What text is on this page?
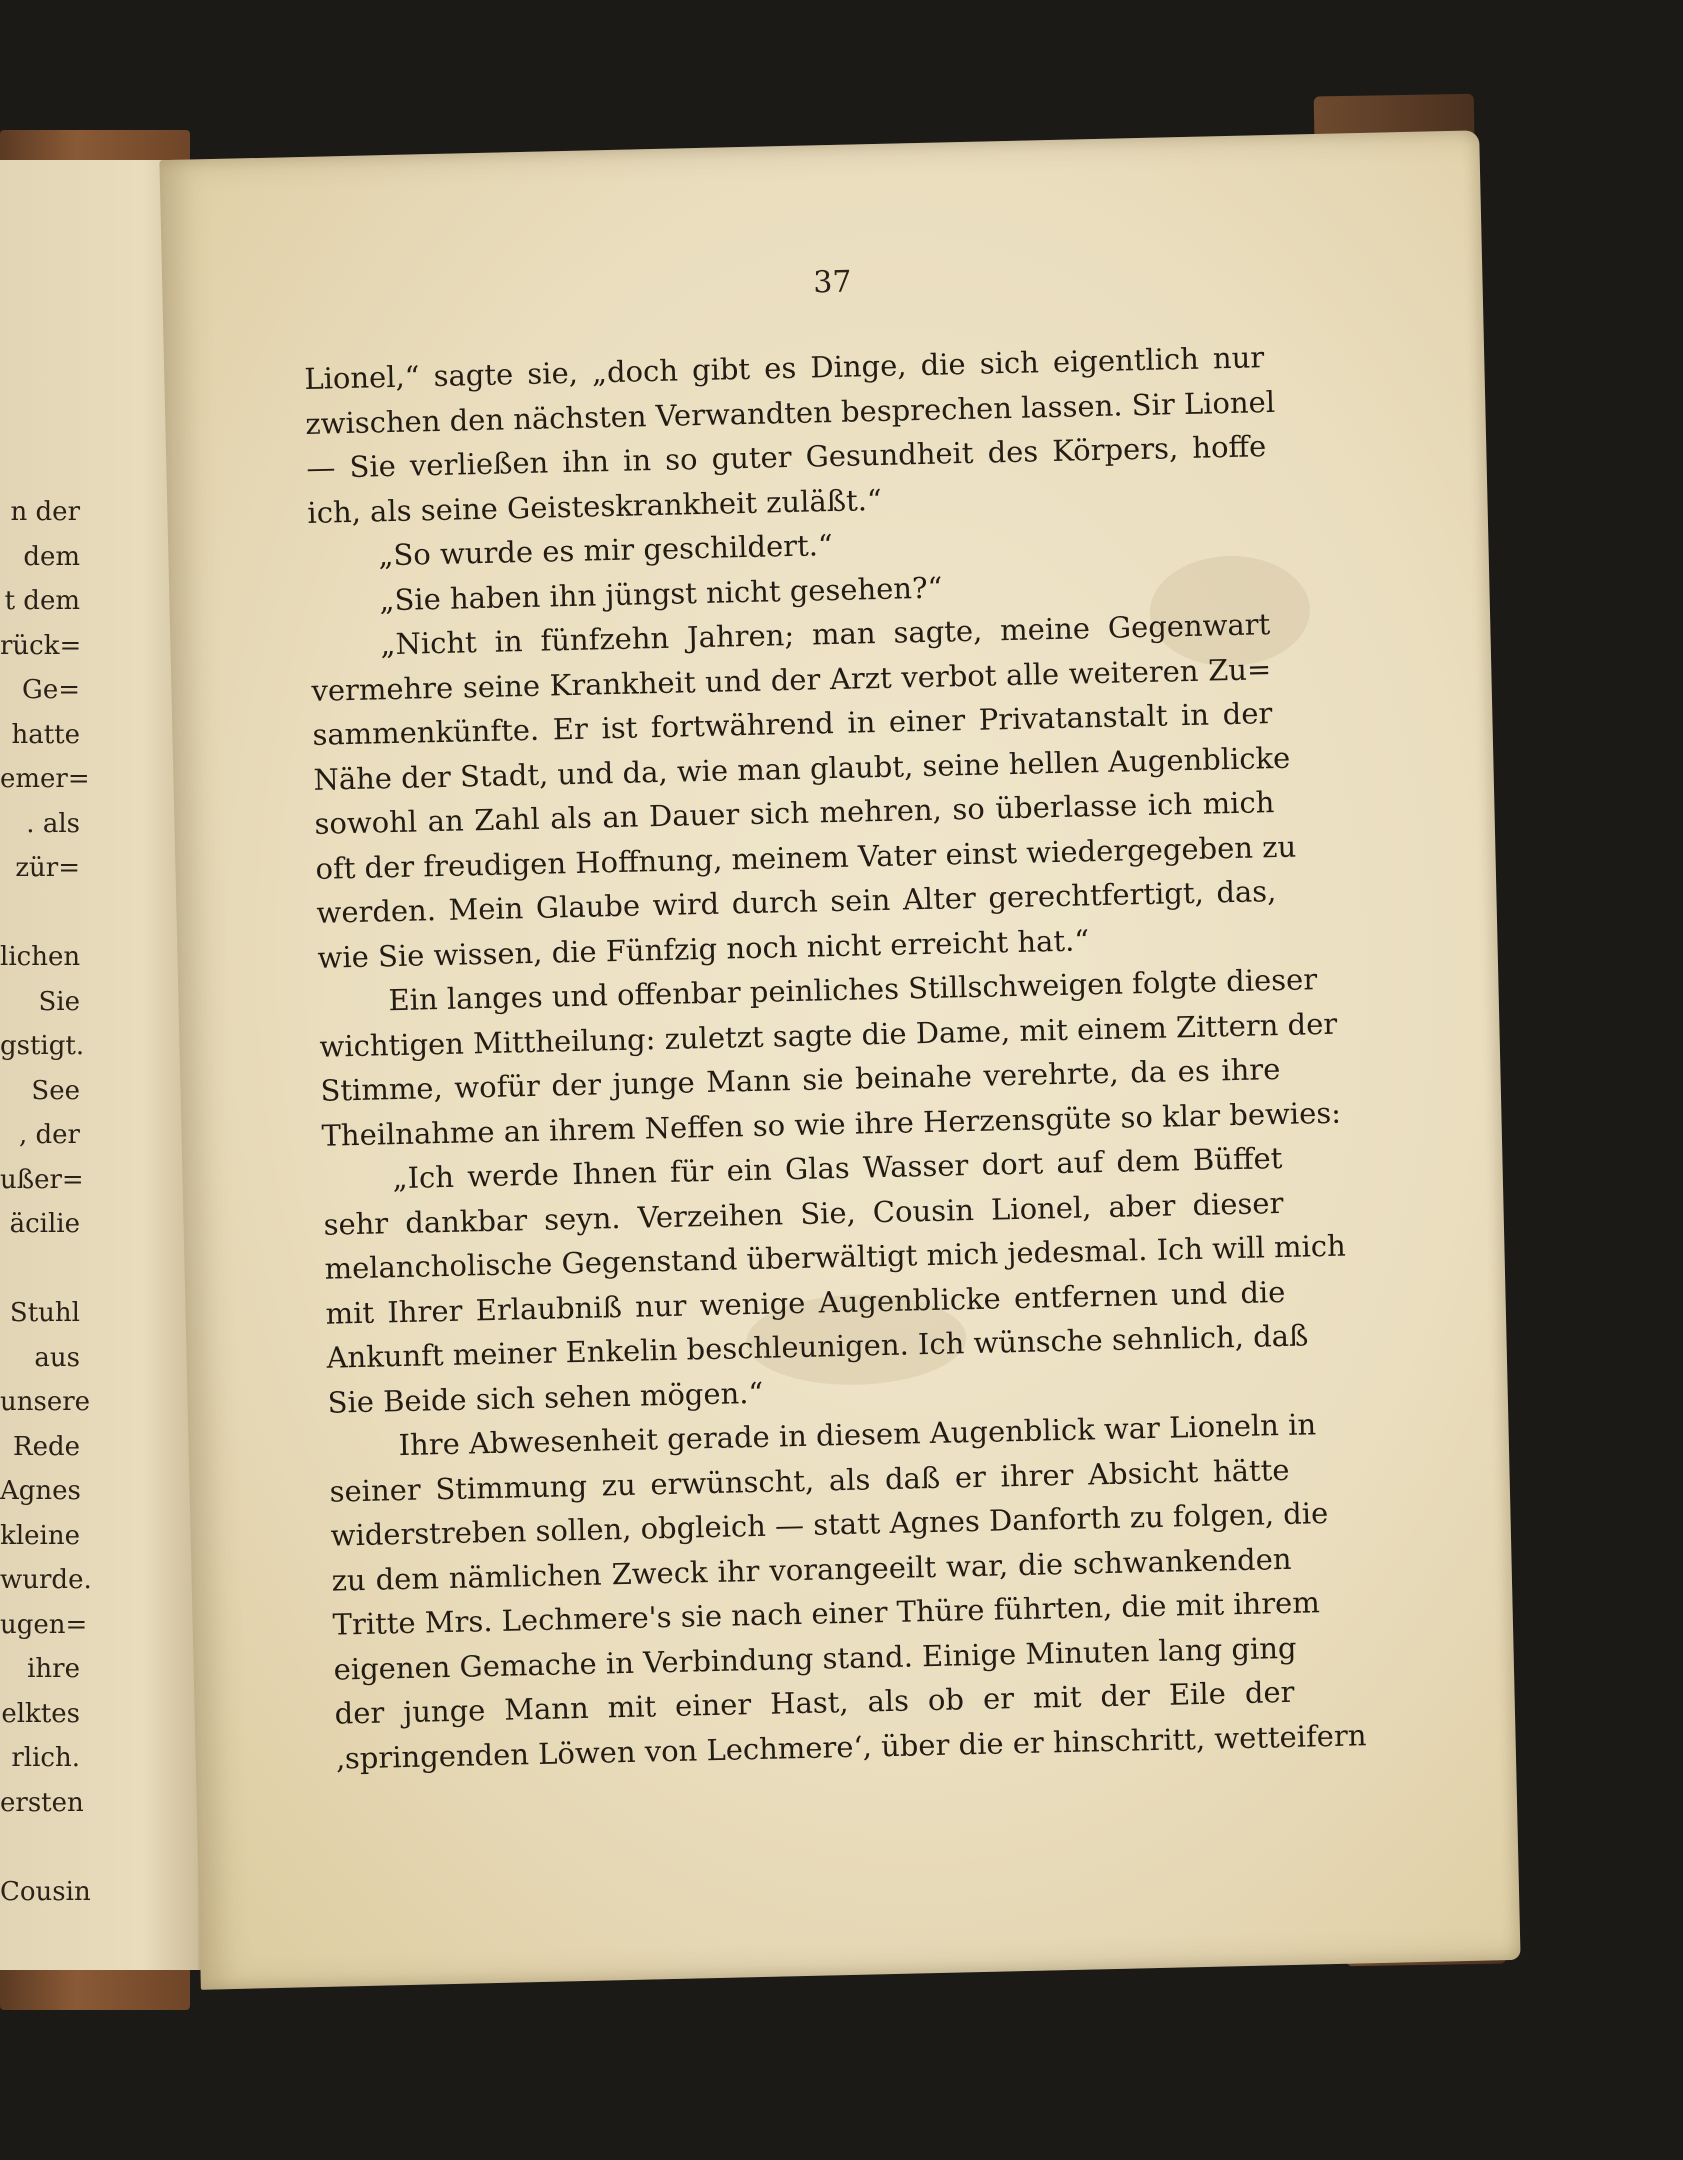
n der
dem
t dem
rück=
Ge=
hatte
emer=
. als
zür=
lichen
Sie
gstigt.
See
, der
ußer=
äcilie
Stuhl
aus
unsere
Rede
Agnes
kleine
wurde.
ugen=
ihre
elktes
rlich.
ersten
Cousin
37
Lionel,“ sagte sie, „doch gibt es Dinge, die sich eigentlich nur
zwischen den nächsten Verwandten besprechen lassen. Sir Lionel
— Sie verließen ihn in so guter Gesundheit des Körpers, hoffe
ich, als seine Geisteskrankheit zuläßt.“
„So wurde es mir geschildert.“
„Sie haben ihn jüngst nicht gesehen?“
„Nicht in fünfzehn Jahren; man sagte, meine Gegenwart
vermehre seine Krankheit und der Arzt verbot alle weiteren Zu=
sammenkünfte. Er ist fortwährend in einer Privatanstalt in der
Nähe der Stadt, und da, wie man glaubt, seine hellen Augenblicke
sowohl an Zahl als an Dauer sich mehren, so überlasse ich mich
oft der freudigen Hoffnung, meinem Vater einst wiedergegeben zu
werden. Mein Glaube wird durch sein Alter gerechtfertigt, das,
wie Sie wissen, die Fünfzig noch nicht erreicht hat.“
Ein langes und offenbar peinliches Stillschweigen folgte dieser
wichtigen Mittheilung: zuletzt sagte die Dame, mit einem Zittern der
Stimme, wofür der junge Mann sie beinahe verehrte, da es ihre
Theilnahme an ihrem Neffen so wie ihre Herzensgüte so klar bewies:
„Ich werde Ihnen für ein Glas Wasser dort auf dem Büffet
sehr dankbar seyn. Verzeihen Sie, Cousin Lionel, aber dieser
melancholische Gegenstand überwältigt mich jedesmal. Ich will mich
mit Ihrer Erlaubniß nur wenige Augenblicke entfernen und die
Ankunft meiner Enkelin beschleunigen. Ich wünsche sehnlich, daß
Sie Beide sich sehen mögen.“
Ihre Abwesenheit gerade in diesem Augenblick war Lioneln in
seiner Stimmung zu erwünscht, als daß er ihrer Absicht hätte
widerstreben sollen, obgleich — statt Agnes Danforth zu folgen, die
zu dem nämlichen Zweck ihr vorangeeilt war, die schwankenden
Tritte Mrs. Lechmere's sie nach einer Thüre führten, die mit ihrem
eigenen Gemache in Verbindung stand. Einige Minuten lang ging
der junge Mann mit einer Hast, als ob er mit der Eile der
‚springenden Löwen von Lechmere‘, über die er hinschritt, wetteifern
